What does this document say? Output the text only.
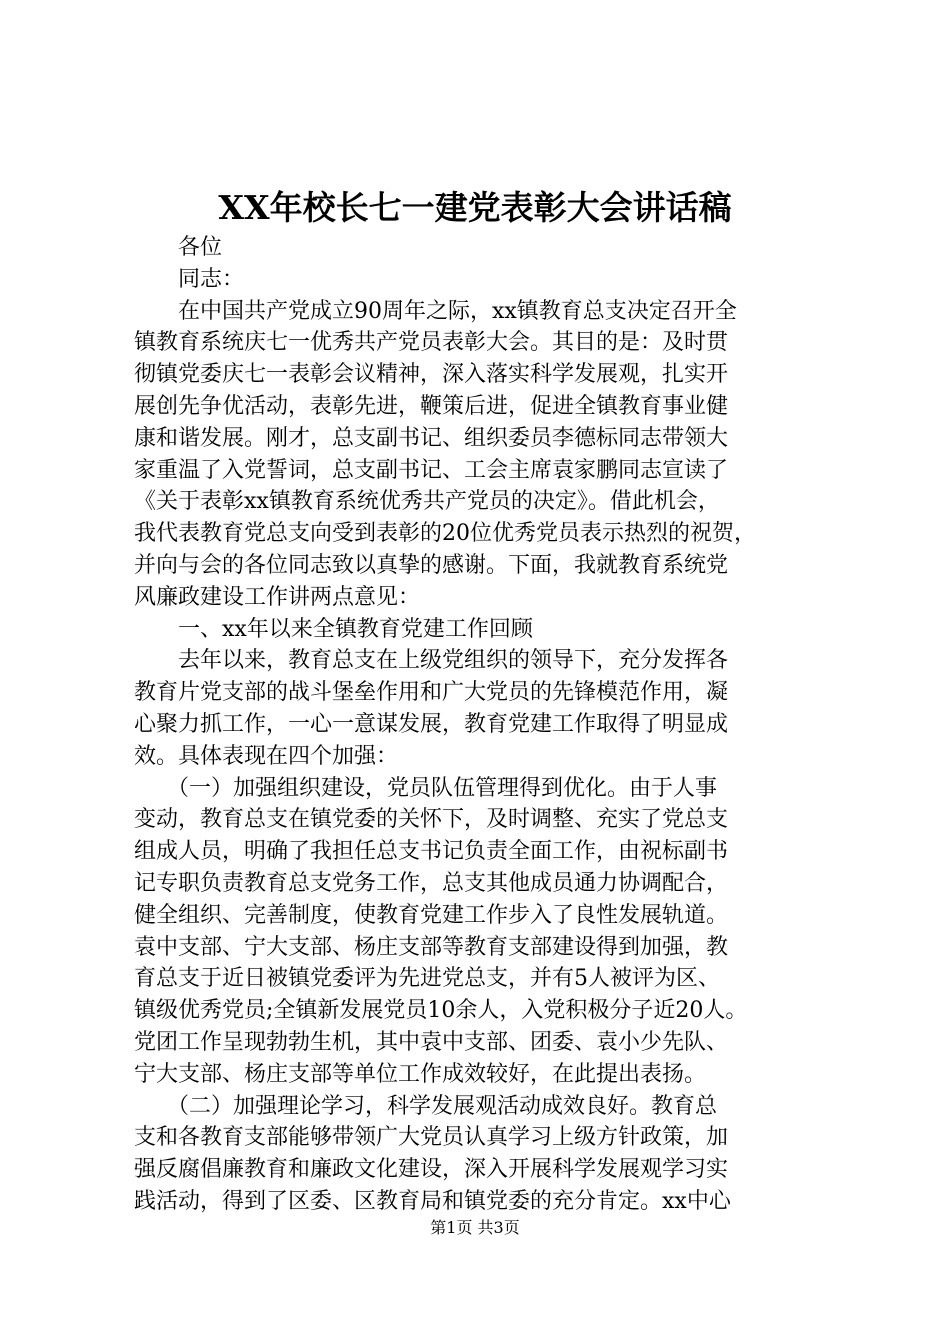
XX年校长七一建党表彰大会讲话稿
　　各位
　　同志：
　　在中国共产党成立90周年之际，xx镇教育总支决定召开全
镇教育系统庆七一优秀共产党员表彰大会。其目的是：及时贯
彻镇党委庆七一表彰会议精神，深入落实科学发展观，扎实开
展创先争优活动，表彰先进，鞭策后进，促进全镇教育事业健
康和谐发展。刚才，总支副书记、组织委员李德标同志带领大
家重温了入党誓词，总支副书记、工会主席袁家鹏同志宣读了
《关于表彰xx镇教育系统优秀共产党员的决定》。借此机会，
我代表教育党总支向受到表彰的20位优秀党员表示热烈的祝贺，
并向与会的各位同志致以真挚的感谢。下面，我就教育系统党
风廉政建设工作讲两点意见：
　　一、xx年以来全镇教育党建工作回顾
　　去年以来，教育总支在上级党组织的领导下，充分发挥各
教育片党支部的战斗堡垒作用和广大党员的先锋模范作用，凝
心聚力抓工作，一心一意谋发展，教育党建工作取得了明显成
效。具体表现在四个加强：
　　（一）加强组织建设，党员队伍管理得到优化。由于人事
变动，教育总支在镇党委的关怀下，及时调整、充实了党总支
组成人员，明确了我担任总支书记负责全面工作，由祝标副书
记专职负责教育总支党务工作，总支其他成员通力协调配合，
健全组织、完善制度，使教育党建工作步入了良性发展轨道。
袁中支部、宁大支部、杨庄支部等教育支部建设得到加强，教
育总支于近日被镇党委评为先进党总支，并有5人被评为区、
镇级优秀党员;全镇新发展党员10余人，入党积极分子近20人。
党团工作呈现勃勃生机，其中袁中支部、团委、袁小少先队、
宁大支部、杨庄支部等单位工作成效较好，在此提出表扬。
　　（二）加强理论学习，科学发展观活动成效良好。教育总
支和各教育支部能够带领广大党员认真学习上级方针政策，加
强反腐倡廉教育和廉政文化建设，深入开展科学发展观学习实
践活动，得到了区委、区教育局和镇党委的充分肯定。xx中心
第1页 共3页
